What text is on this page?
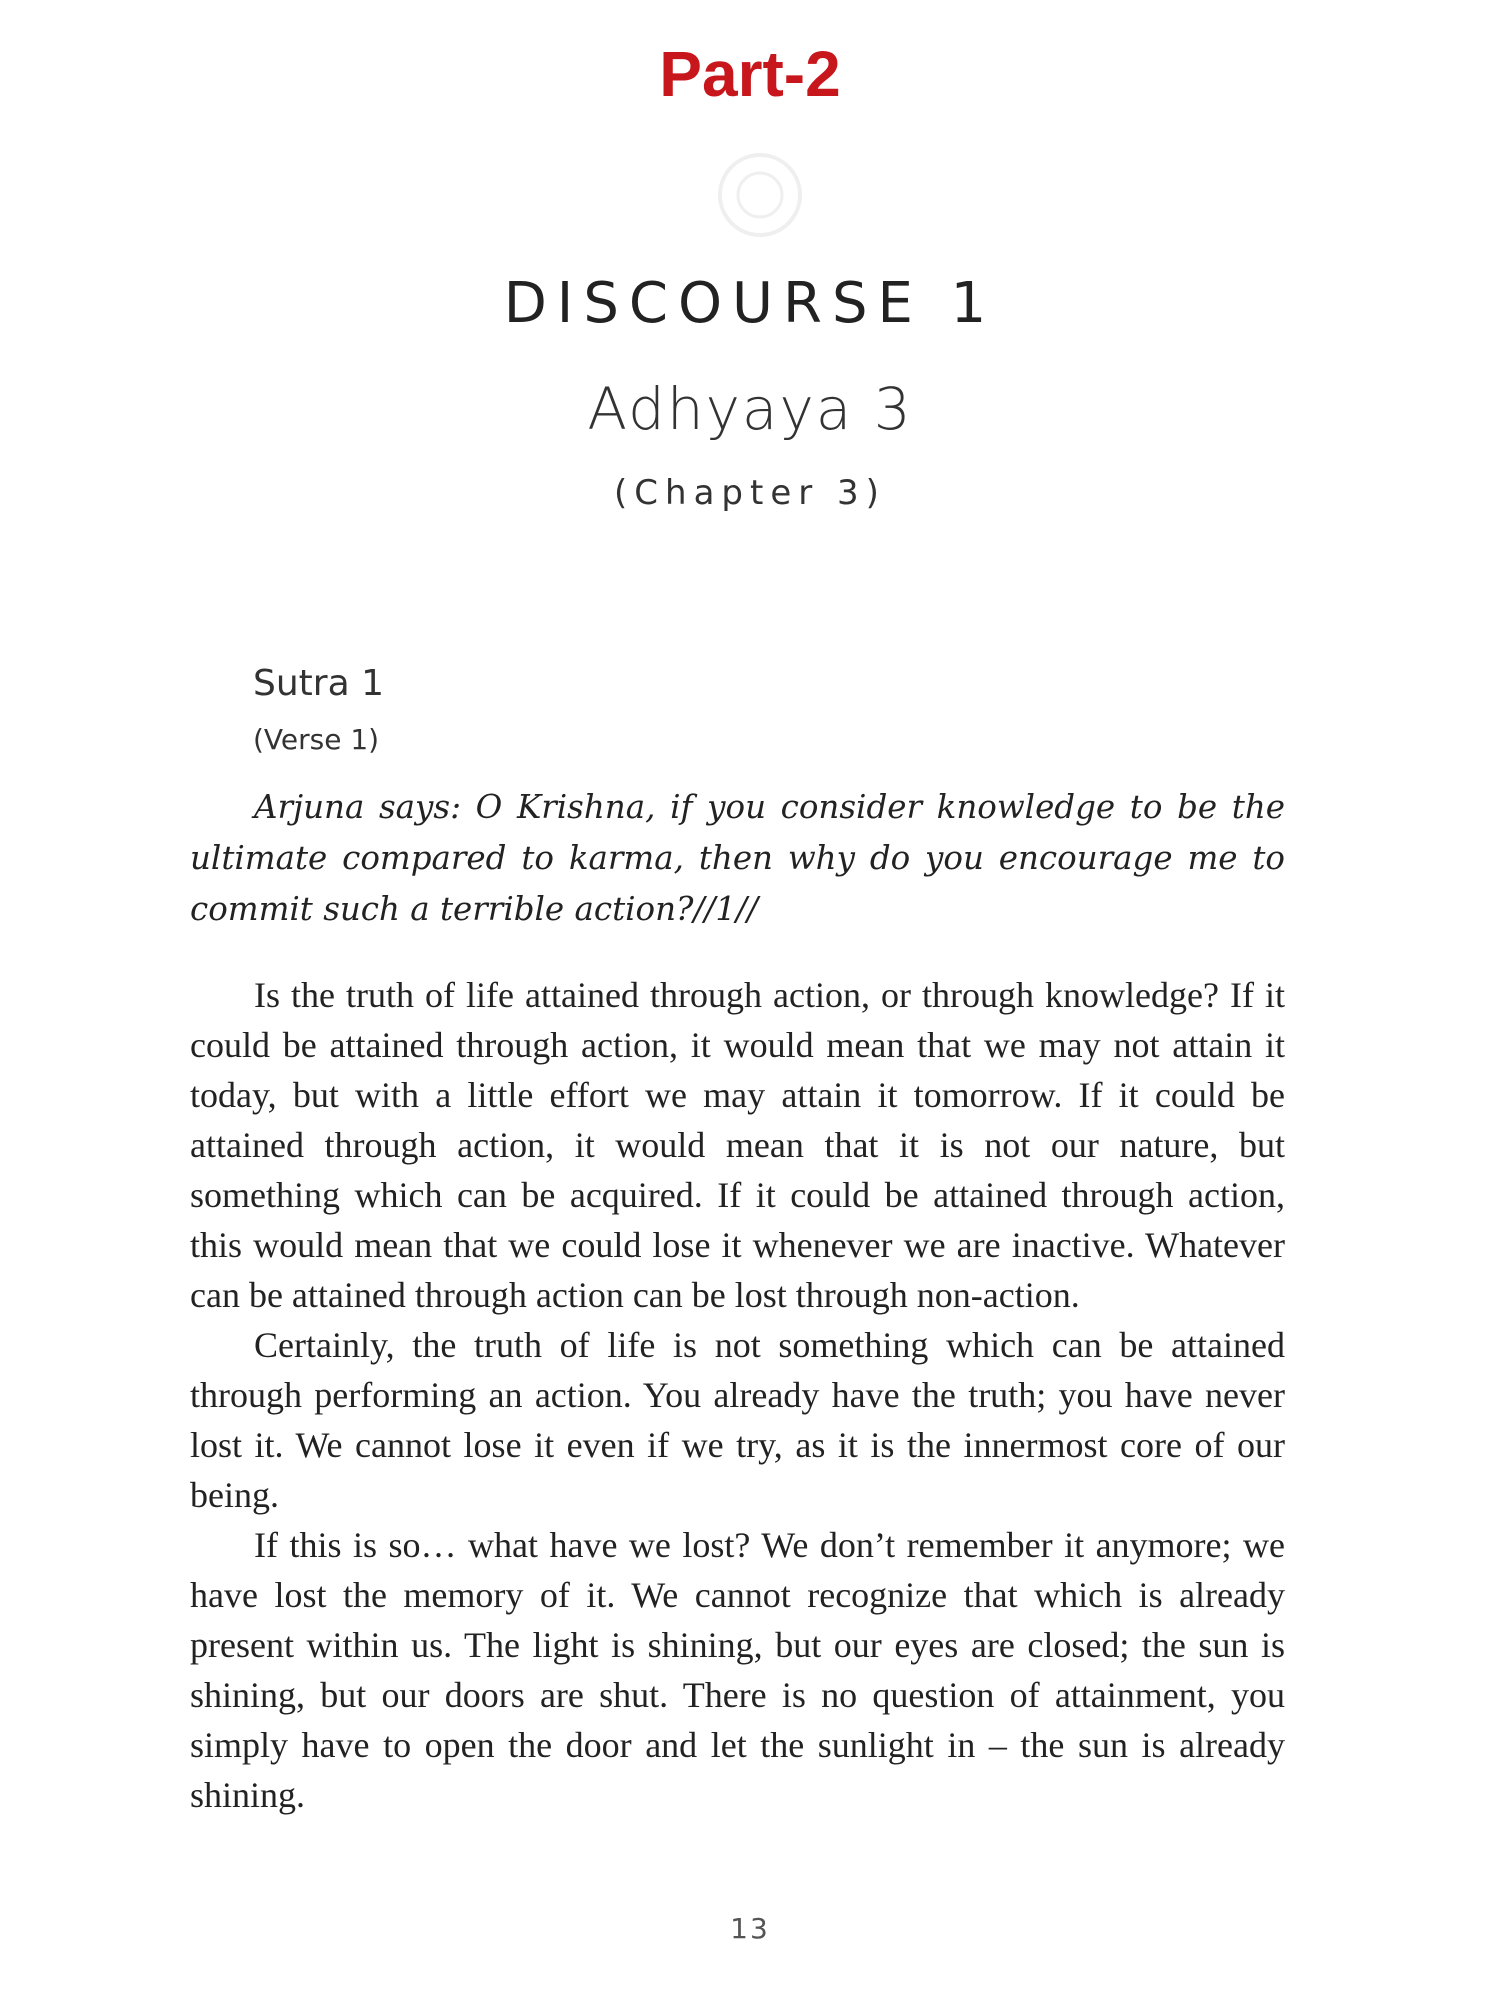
Part-2
DISCOURSE 1
Adhyaya 3
(Chapter 3)
Sutra 1
(Verse 1)

Arjuna says: O Krishna, if you consider knowledge to be the ultimate compared to karma, then why do you encourage me to commit such a terrible action?//1//

Is the truth of life attained through action, or through knowledge? If it could be attained through action, it would mean that we may not attain it today, but with a little effort we may attain it tomorrow. If it could be attained through action, it would mean that it is not our nature, but something which can be acquired. If it could be attained through action, this would mean that we could lose it whenever we are inactive. Whatever can be attained through action can be lost through non-action.

Certainly, the truth of life is not something which can be attained through performing an action. You already have the truth; you have never lost it. We cannot lose it even if we try, as it is the innermost core of our being.

If this is so… what have we lost? We don’t remember it anymore; we have lost the memory of it. We cannot recognize that which is already present within us. The light is shining, but our eyes are closed; the sun is shining, but our doors are shut. There is no question of attainment, you simply have to open the door and let the sunlight in – the sun is already shining.

13
